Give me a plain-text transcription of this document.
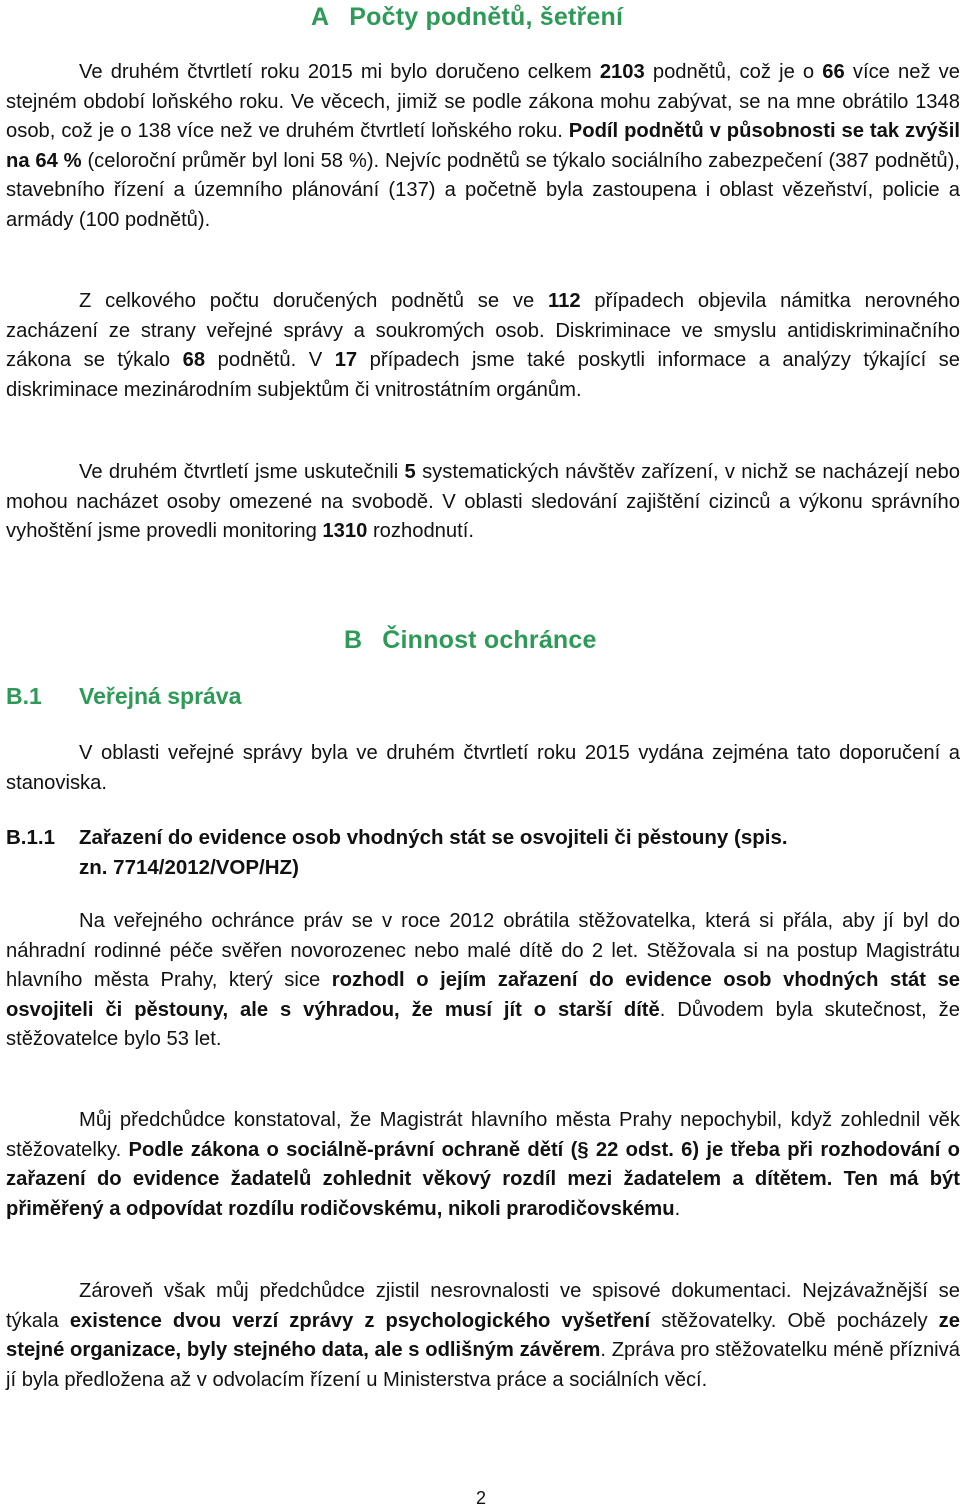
A Počty podnětů, šetření

Ve druhém čtvrtletí roku 2015 mi bylo doručeno celkem 2103 podnětů, což je o 66 více než ve stejném období loňského roku. Ve věcech, jimiž se podle zákona mohu zabývat, se na mne obrátilo 1348 osob, což je o 138 více než ve druhém čtvrtletí loňského roku. Podíl podnětů v působnosti se tak zvýšil na 64 % (celoroční průměr byl loni 58 %). Nejvíc podnětů se týkalo sociálního zabezpečení (387 podnětů), stavebního řízení a územního plánování (137) a početně byla zastoupena i oblast vězeňství, policie a armády (100 podnětů).

Z celkového počtu doručených podnětů se ve 112 případech objevila námitka nerovného zacházení ze strany veřejné správy a soukromých osob. Diskriminace ve smyslu antidiskriminačního zákona se týkalo 68 podnětů. V 17 případech jsme také poskytli informace a analýzy týkající se diskriminace mezinárodním subjektům či vnitrostátním orgánům.

Ve druhém čtvrtletí jsme uskutečnili 5 systematických návštěv zařízení, v nichž se nacházejí nebo mohou nacházet osoby omezené na svobodě. V oblasti sledování zajištění cizinců a výkonu správního vyhoštění jsme provedli monitoring 1310 rozhodnutí.

B Činnost ochránce
B.1 Veřejná správa

V oblasti veřejné správy byla ve druhém čtvrtletí roku 2015 vydána zejména tato doporučení a stanoviska.

B.1.1 Zařazení do evidence osob vhodných stát se osvojiteli či pěstouny (spis.
zn. 7714/2012/VOP/HZ)

Na veřejného ochránce práv se v roce 2012 obrátila stěžovatelka, která si přála, aby jí byl do náhradní rodinné péče svěřen novorozenec nebo malé dítě do 2 let. Stěžovala si na postup Magistrátu hlavního města Prahy, který sice rozhodl o jejím zařazení do evidence osob vhodných stát se osvojiteli či pěstouny, ale s výhradou, že musí jít o starší dítě. Důvodem byla skutečnost, že stěžovatelce bylo 53 let.

Můj předchůdce konstatoval, že Magistrát hlavního města Prahy nepochybil, když zohlednil věk stěžovatelky. Podle zákona o sociálně-právní ochraně dětí (§ 22 odst. 6) je třeba při rozhodování o zařazení do evidence žadatelů zohlednit věkový rozdíl mezi žadatelem a dítětem. Ten má být přiměřený a odpovídat rozdílu rodičovskému, nikoli prarodičovskému.

Zároveň však můj předchůdce zjistil nesrovnalosti ve spisové dokumentaci. Nejzávažnější se týkala existence dvou verzí zprávy z psychologického vyšetření stěžovatelky. Obě pocházely ze stejné organizace, byly stejného data, ale s odlišným závěrem. Zpráva pro stěžovatelku méně příznivá jí byla předložena až v odvolacím řízení u Ministerstva práce a sociálních věcí.

2
